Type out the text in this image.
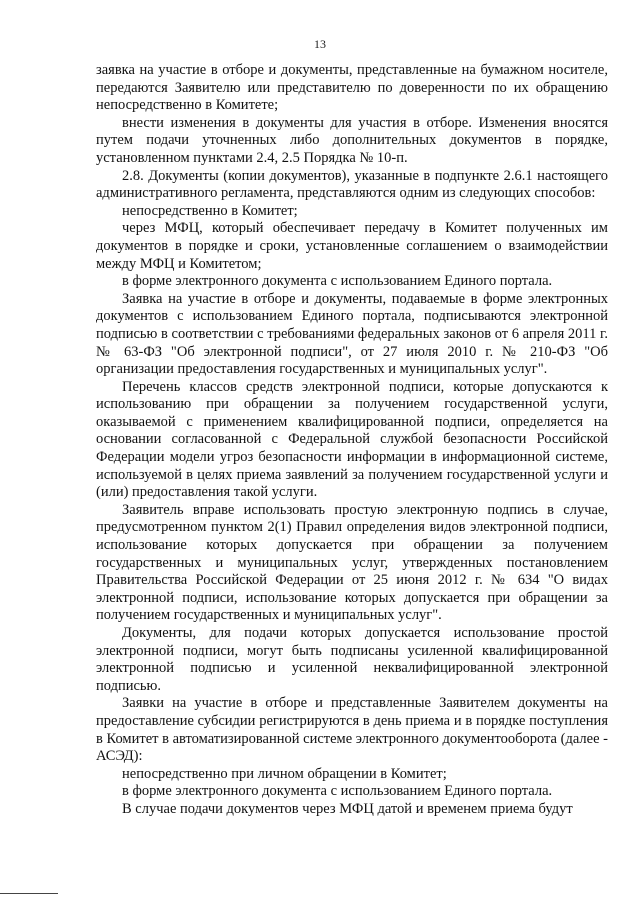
13

заявка на участие в отборе и документы, представленные на бумажном носителе, передаются Заявителю или представителю по доверенности по их обращению непосредственно в Комитете;

внести изменения в документы для участия в отборе. Изменения вносятся путем подачи уточненных либо дополнительных документов в порядке, установленном пунктами 2.4, 2.5 Порядка № 10-п.

2.8. Документы (копии документов), указанные в подпункте 2.6.1 настоящего административного регламента, представляются одним из следующих способов:

непосредственно в Комитет;

через МФЦ, который обеспечивает передачу в Комитет полученных им документов в порядке и сроки, установленные соглашением о взаимодействии между МФЦ и Комитетом;

в форме электронного документа с использованием Единого портала.

Заявка на участие в отборе и документы, подаваемые в форме электронных документов с использованием Единого портала, подписываются электронной подписью в соответствии с требованиями федеральных законов от 6 апреля 2011 г. № 63-ФЗ "Об электронной подписи", от 27 июля 2010 г. № 210-ФЗ "Об организации предоставления государственных и муниципальных услуг".

Перечень классов средств электронной подписи, которые допускаются к использованию при обращении за получением государственной услуги, оказываемой с применением квалифицированной подписи, определяется на основании согласованной с Федеральной службой безопасности Российской Федерации модели угроз безопасности информации в информационной системе, используемой в целях приема заявлений за получением государственной услуги и (или) предоставления такой услуги.

Заявитель вправе использовать простую электронную подпись в случае, предусмотренном пунктом 2(1) Правил определения видов электронной подписи, использование которых допускается при обращении за получением государственных и муниципальных услуг, утвержденных постановлением Правительства Российской Федерации от 25 июня 2012 г. № 634 "О видах электронной подписи, использование которых допускается при обращении за получением государственных и муниципальных услуг".

Документы, для подачи которых допускается использование простой электронной подписи, могут быть подписаны усиленной квалифицированной электронной подписью и усиленной неквалифицированной электронной подписью.

Заявки на участие в отборе и представленные Заявителем документы на предоставление субсидии регистрируются в день приема и в порядке поступления в Комитет в автоматизированной системе электронного документооборота (далее - АСЭД):

непосредственно при личном обращении в Комитет;

в форме электронного документа с использованием Единого портала.

В случае подачи документов через МФЦ датой и временем приема будут
